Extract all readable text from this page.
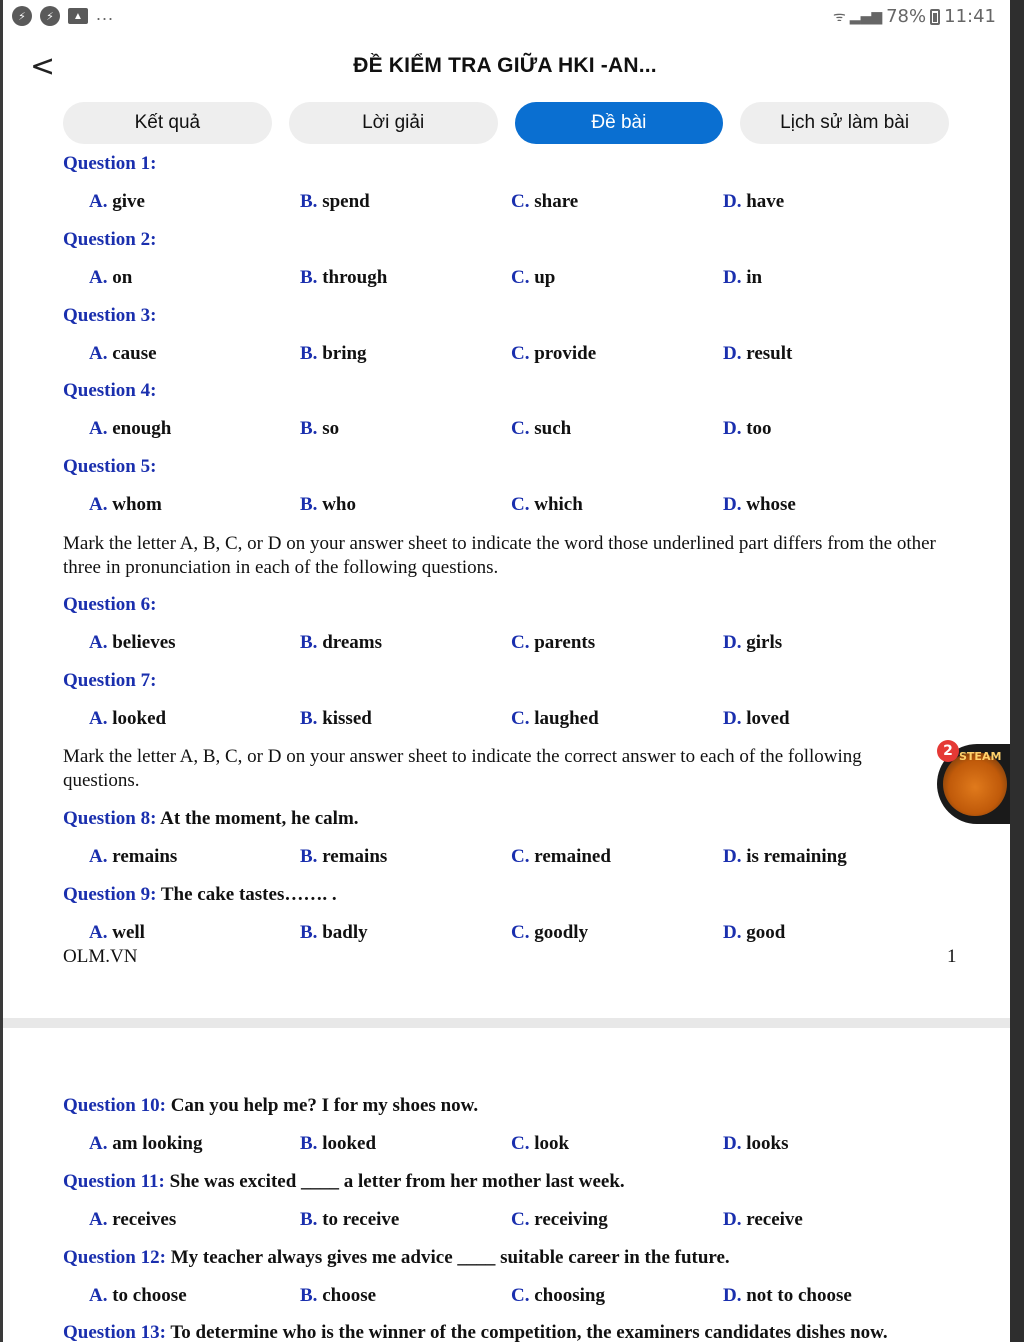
⚡	⚡	▲ ...	ᯤ ▂▄▆ 78% 11:41
<	ĐỀ KIỂM TRA GIỮA HKI -AN...
Kết quả	Lời giải	Đề bài	Lịch sử làm bài
Question 1:
A. give	B. spend	C. share	D. have
Question 2:
A. on	B. through	C. up	D. in
Question 3:
A. cause	B. bring	C. provide	D. result
Question 4:
A. enough	B. so	C. such	D. too
Question 5:
A. whom	B. who	C. which	D. whose
Mark the letter A, B, C, or D on your answer sheet to indicate the word those underlined part differs from the other three in pronunciation in each of the following questions.
Question 6:
A. believes	B. dreams	C. parents	D. girls
Question 7:
A. looked	B. kissed	C. laughed	D. loved
Mark the letter A, B, C, or D on your answer sheet to indicate the correct answer to each of the following questions.
Question 8: At the moment, he calm.
A. remains	B. remains	C. remained	D. is remaining
Question 9: The cake tastes……. .
A. well	B. badly	C. goodly	D. good
OLM.VN	1
Question 10: Can you help me? I for my shoes now.
A. am looking	B. looked	C. look	D. looks
Question 11: She was excited ____ a letter from her mother last week.
A. receives	B. to receive	C. receiving	D. receive
Question 12: My teacher always gives me advice ____ suitable career in the future.
A. to choose	B. choose	C. choosing	D. not to choose
Question 13: To determine who is the winner of the competition, the examiners candidates dishes now.
STEAM
2
